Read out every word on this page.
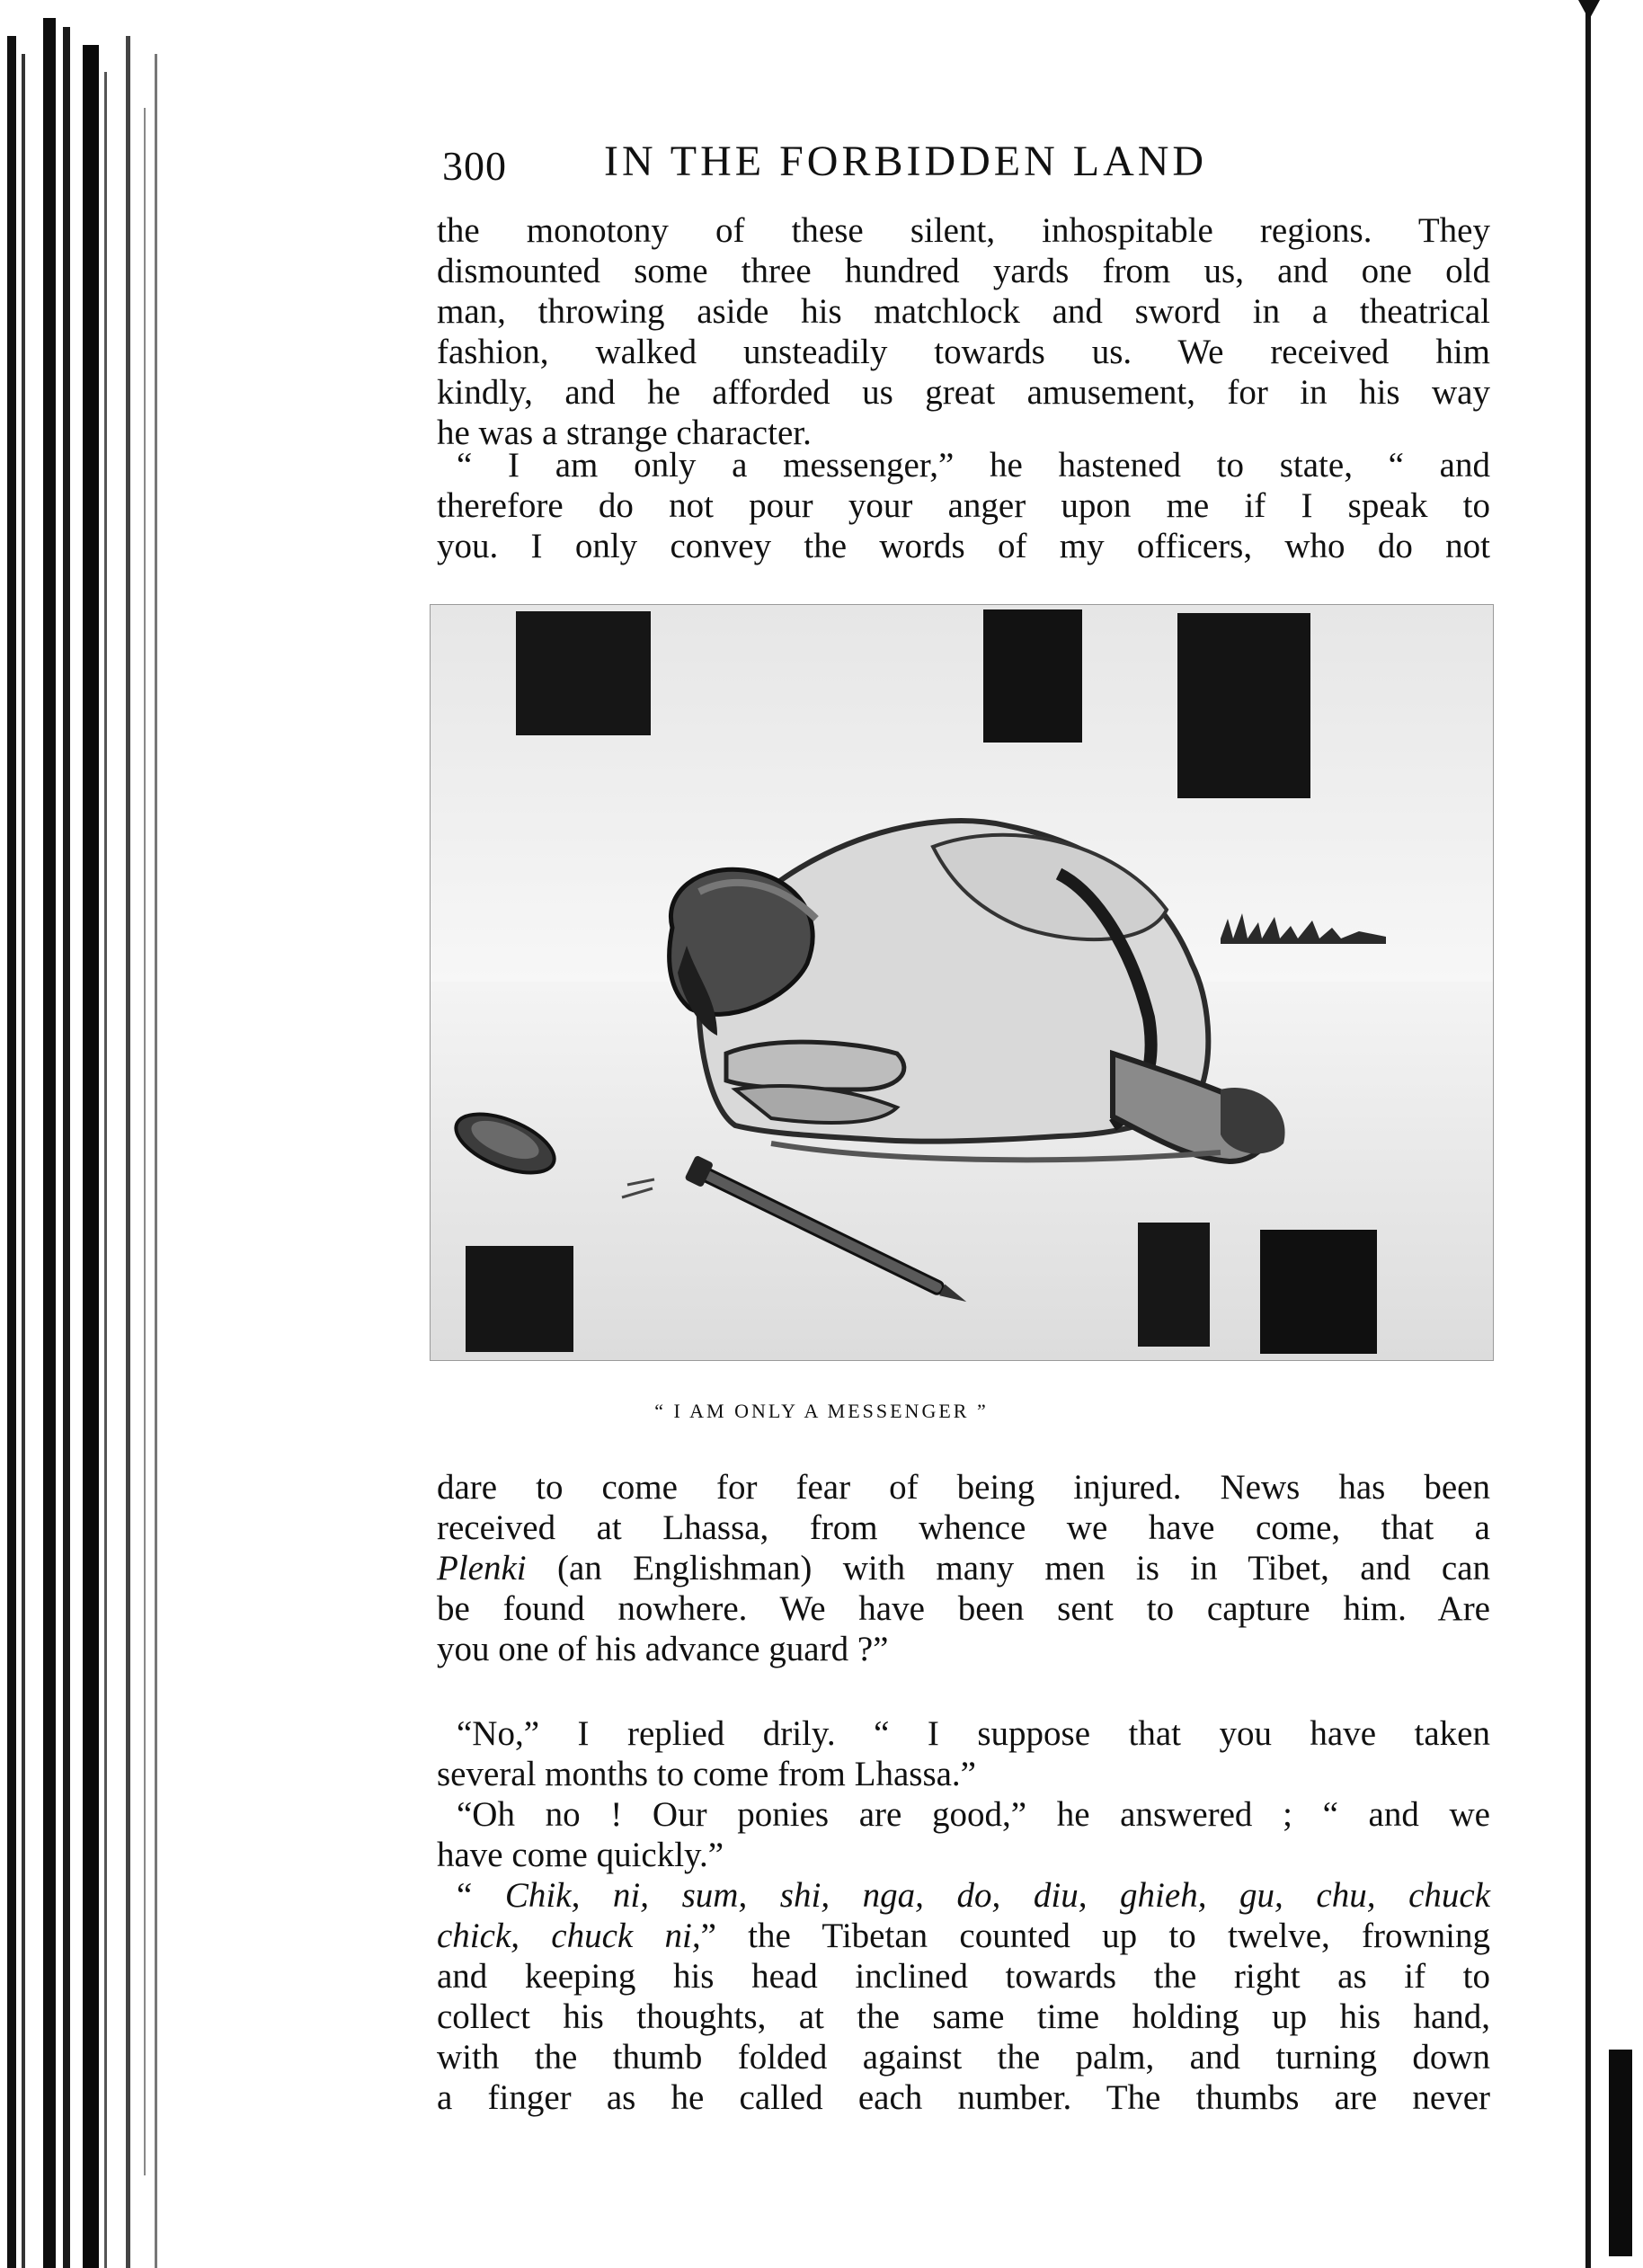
300 IN THE FORBIDDEN LAND

the monotony of these silent, inhospitable regions. They
dismounted some three hundred yards from us, and one old
man, throwing aside his matchlock and sword in a theatrical
fashion, walked unsteadily towards us. We received him
kindly, and he afforded us great amusement, for in his way
he was a strange character.

“ I am only a messenger,” he hastened to state, “ and
therefore do not pour your anger upon me if I speak to
you. I only convey the words of my officers, who do not

“ I AM ONLY A MESSENGER ”

dare to come for fear of being injured. News has been
received at Lhassa, from whence we have come, that a
Plenki (an Englishman) with many men is in Tibet, and can
be found nowhere. We have been sent to capture him. Are
you one of his advance guard ?”

“No,” I replied drily. “ I suppose that you have taken
several months to come from Lhassa.”

“Oh no ! Our ponies are good,” he answered ; “ and we
have come quickly.”

“ Chik, ni, sum, shi, nga, do, diu, ghieh, gu, chu, chuck
chick, chuck ni,” the Tibetan counted up to twelve, frowning
and keeping his head inclined towards the right as if to
collect his thoughts, at the same time holding up his hand,
with the thumb folded against the palm, and turning down
a finger as he called each number. The thumbs are never
